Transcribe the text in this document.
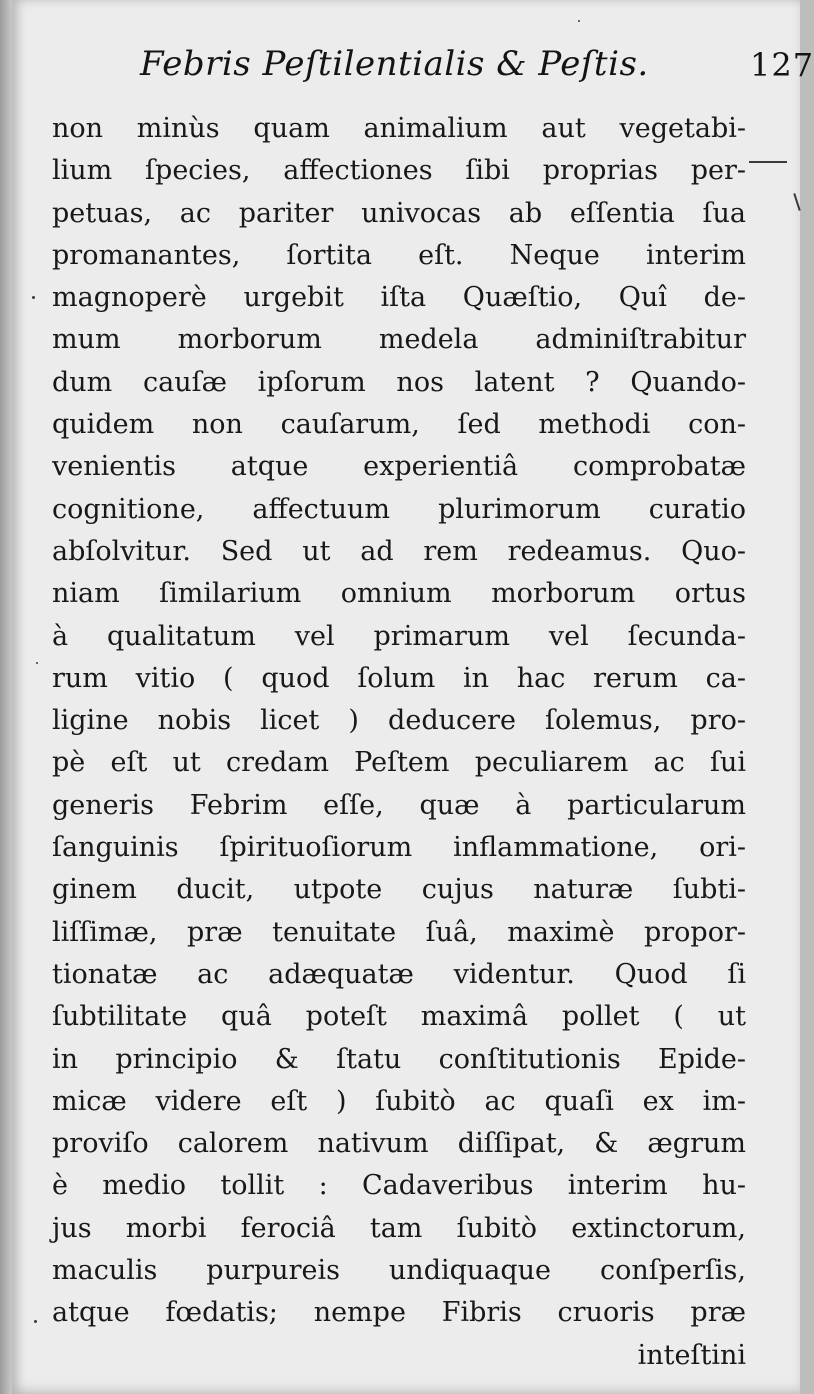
Febris Peſtilentialis & Peſtis.	127
non minùs quam animalium aut vegetabi-
lium ſpecies, affectiones ſibi proprias per-
petuas, ac pariter univocas ab eſſentia ſua
promanantes, ſortita eſt. Neque interim
magnoperè urgebit iſta Quæſtio, Quî de-
mum morborum medela adminiſtrabitur
dum cauſæ ipſorum nos latent ? Quando-
quidem non cauſarum, ſed methodi con-
venientis atque experientiâ comprobatæ
cognitione, affectuum plurimorum curatio
abſolvitur. Sed ut ad rem redeamus. Quo-
niam ſimilarium omnium morborum ortus
à qualitatum vel primarum vel ſecunda-
rum vitio ( quod ſolum in hac rerum ca-
ligine nobis licet ) deducere ſolemus, pro-
pè eſt ut credam Peſtem peculiarem ac ſui
generis Febrim eſſe, quæ à particularum
ſanguinis ſpirituoſiorum inflammatione, ori-
ginem ducit, utpote cujus naturæ ſubti-
liſſimæ, præ tenuitate ſuâ, maximè propor-
tionatæ ac adæquatæ videntur. Quod ſi
ſubtilitate quâ poteſt maximâ pollet ( ut
in principio & ſtatu conſtitutionis Epide-
micæ videre eſt ) ſubitò ac quaſi ex im-
proviſo calorem nativum diſſipat, & ægrum
è medio tollit : Cadaveribus interim hu-
jus morbi ferociâ tam ſubitò extinctorum,
maculis purpureis undiquaque conſperſis,
atque fœdatis; nempe Fibris cruoris præ
inteſtini
